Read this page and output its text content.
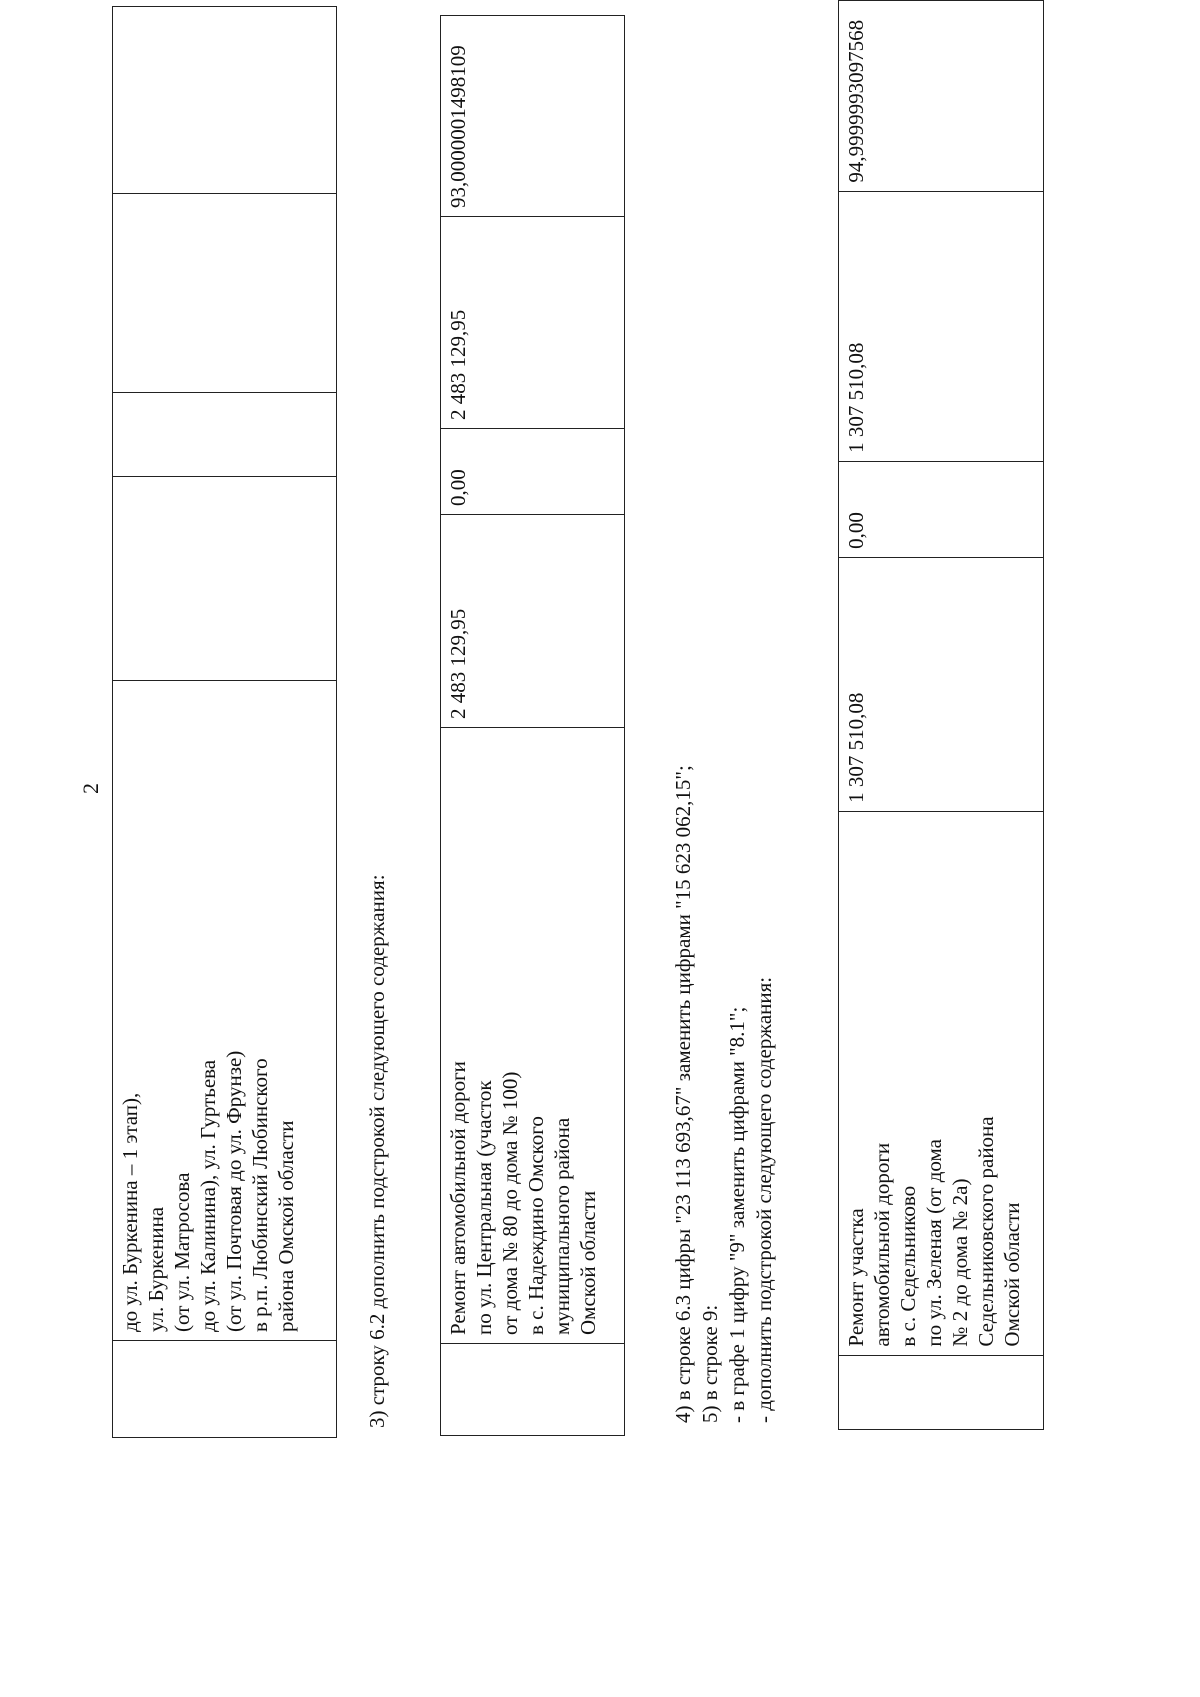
2
	до ул. Буркенина – 1 этап),
ул. Буркенина
(от ул. Матросова
до ул. Калинина), ул. Гуртьева
(от ул. Почтовая до ул. Фрунзе)
в р.п. Любинский Любинского
района Омской области					3) строку 6.2 дополнить подстрокой следующего содержания:
		Ремонт автомобильной дороги
по ул. Центральная (участок
от дома № 80 до дома № 100)
в с. Надеждино Омского
муниципального района
Омской области	2 483 129,95	0,00	2 483 129,95	93,0000001498109
4) в строке 6.3 цифры "23 113 693,67" заменить цифрами "15 623 062,15"; 5) в строке 9: - в графе 1 цифру "9" заменить цифрами "8.1"; - дополнить подстрокой следующего содержания:
		Ремонт участка
автомобильной дороги
в с. Седельниково
по ул. Зеленая (от дома
№ 2 до дома № 2а)
Седельниковского района
Омской области	1 307 510,08	0,00	1 307 510,08	94,9999993097568
